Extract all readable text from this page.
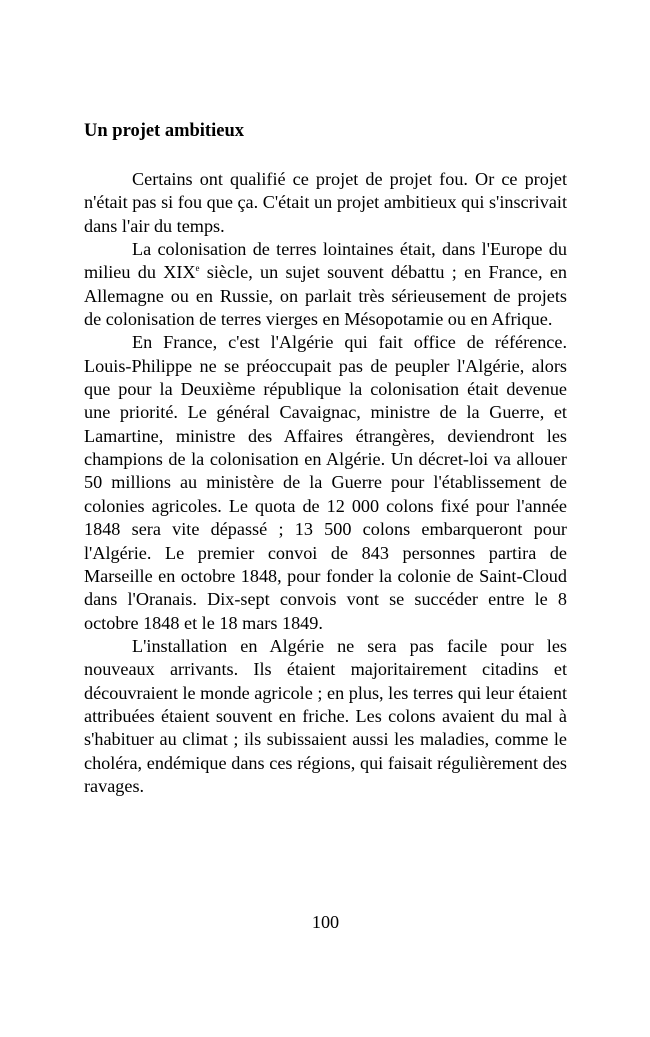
Un projet ambitieux

Certains ont qualifié ce projet de projet fou. Or ce projet n'était pas si fou que ça. C'était un projet ambitieux qui s'inscrivait dans l'air du temps.

La colonisation de terres lointaines était, dans l'Europe du milieu du XIXe siècle, un sujet souvent débattu ; en France, en Allemagne ou en Russie, on parlait très sérieusement de projets de colonisation de terres vierges en Mésopotamie ou en Afrique.

En France, c'est l'Algérie qui fait office de référence. Louis-Philippe ne se préoccupait pas de peupler l'Algérie, alors que pour la Deuxième république la colonisation était devenue une priorité. Le général Cavaignac, ministre de la Guerre, et Lamartine, ministre des Affaires étrangères, deviendront les champions de la colonisation en Algérie. Un décret-loi va allouer 50 millions au ministère de la Guerre pour l'établissement de colonies agricoles. Le quota de 12 000 colons fixé pour l'année 1848 sera vite dépassé ; 13 500 colons embarqueront pour l'Algérie. Le premier convoi de 843 personnes partira de Marseille en octobre 1848, pour fonder la colonie de Saint-Cloud dans l'Oranais. Dix-sept convois vont se succéder entre le 8 octobre 1848 et le 18 mars 1849.

L'installation en Algérie ne sera pas facile pour les nouveaux arrivants. Ils étaient majoritairement citadins et découvraient le monde agricole ; en plus, les terres qui leur étaient attribuées étaient souvent en friche. Les colons avaient du mal à s'habituer au climat ; ils subissaient aussi les maladies, comme le choléra, endémique dans ces régions, qui faisait régulièrement des ravages.

100
